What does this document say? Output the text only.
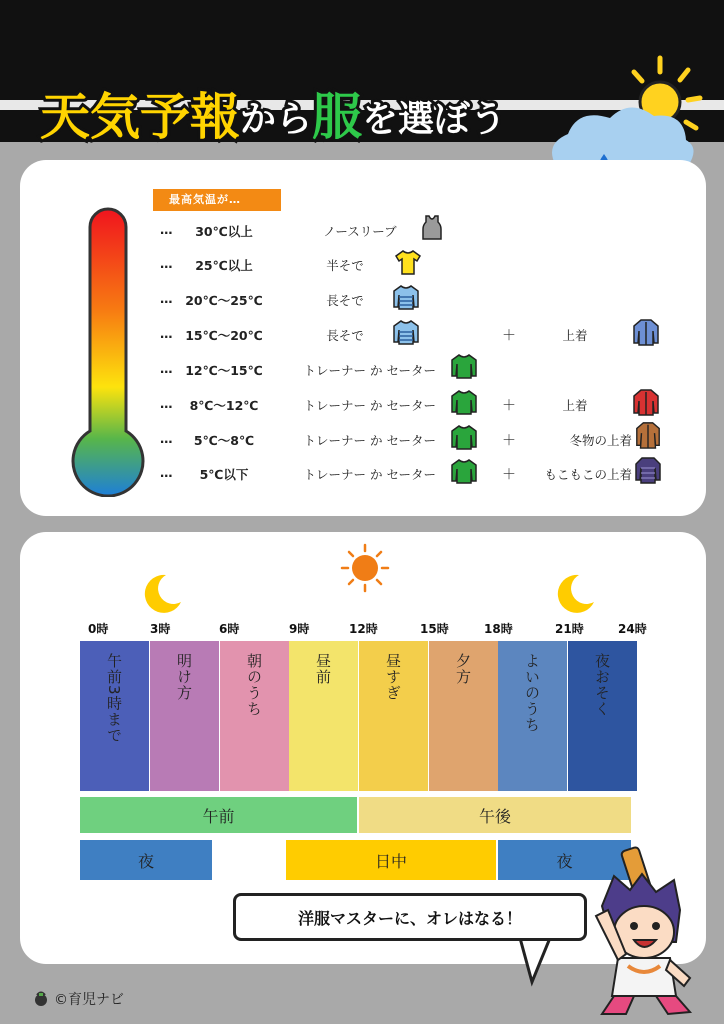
天気予報 から 服 を選ぼう
最高気温が…
…	30℃以上	ノースリーブ
…	25℃以上	半そで
… 20℃〜25℃	長そで
… 15℃〜20℃	長そで	＋	上着
… 12℃〜15℃	トレーナー か セーター
…	8℃〜12℃	トレーナー か セーター	＋	上着
…	5℃〜8℃	トレーナー か セーター	＋	冬物の上着
…	5℃以下	トレーナー か セーター	＋	もこもこの上着
0時	3時	6時	9時	12時	15時	18時	21時	24時
午前3時まで	明け方	朝のうち	昼前	昼すぎ	夕方	よいのうち	夜おそく
午前	午後
夜	日中	夜
洋服マスターに、オレはなる！
©育児ナビ
